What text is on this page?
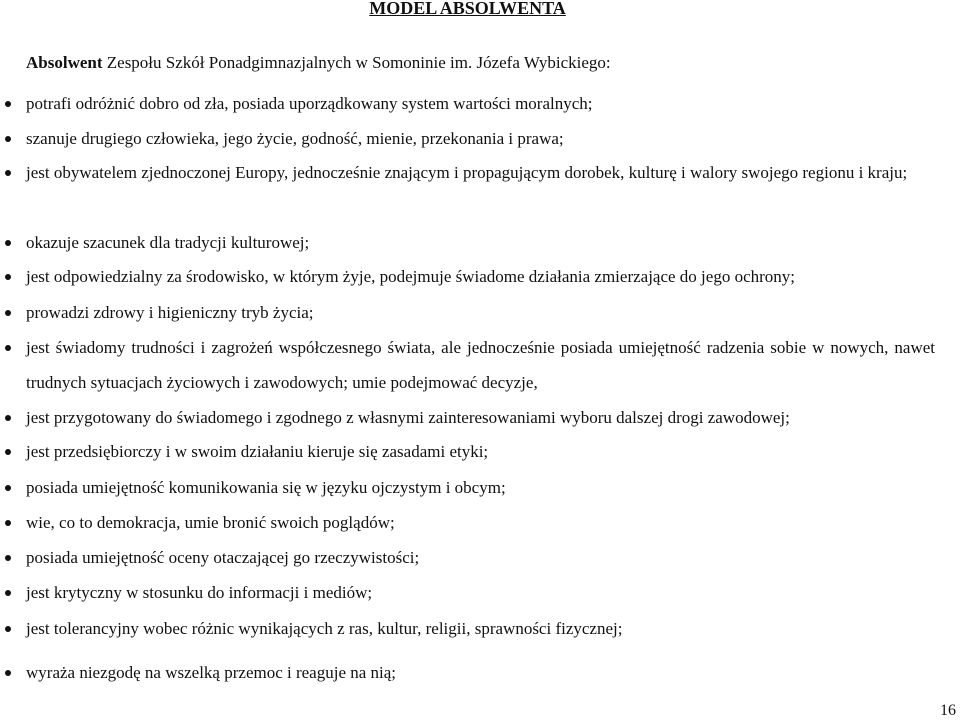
MODEL ABSOLWENTA

Absolwent Zespołu Szkół Ponadgimnazjalnych w Somoninie im. Józefa Wybickiego:

potrafi odróżnić dobro od zła, posiada uporządkowany system wartości moralnych;
szanuje drugiego człowieka, jego życie, godność, mienie, przekonania i prawa;
jest obywatelem zjednoczonej Europy, jednocześnie znającym i propagującym dorobek, kulturę i walory swojego regionu i kraju;
okazuje szacunek dla tradycji kulturowej;
jest odpowiedzialny za środowisko, w którym żyje, podejmuje świadome działania zmierzające do jego ochrony;
prowadzi zdrowy i higieniczny tryb życia;
jest świadomy trudności i zagrożeń współczesnego świata, ale jednocześnie posiada umiejętność radzenia sobie w nowych, nawet trudnych sytuacjach życiowych i zawodowych; umie podejmować decyzje,
jest przygotowany do świadomego i zgodnego z własnymi zainteresowaniami wyboru dalszej drogi zawodowej;
jest przedsiębiorczy i w swoim działaniu kieruje się zasadami etyki;
posiada umiejętność komunikowania się w języku ojczystym i obcym;
wie, co to demokracja, umie bronić swoich poglądów;
posiada umiejętność oceny otaczającej go rzeczywistości;
jest krytyczny w stosunku do informacji i mediów;
jest tolerancyjny wobec różnic wynikających z ras, kultur, religii, sprawności fizycznej;
wyraża niezgodę na wszelką przemoc i reaguje na nią;
16
